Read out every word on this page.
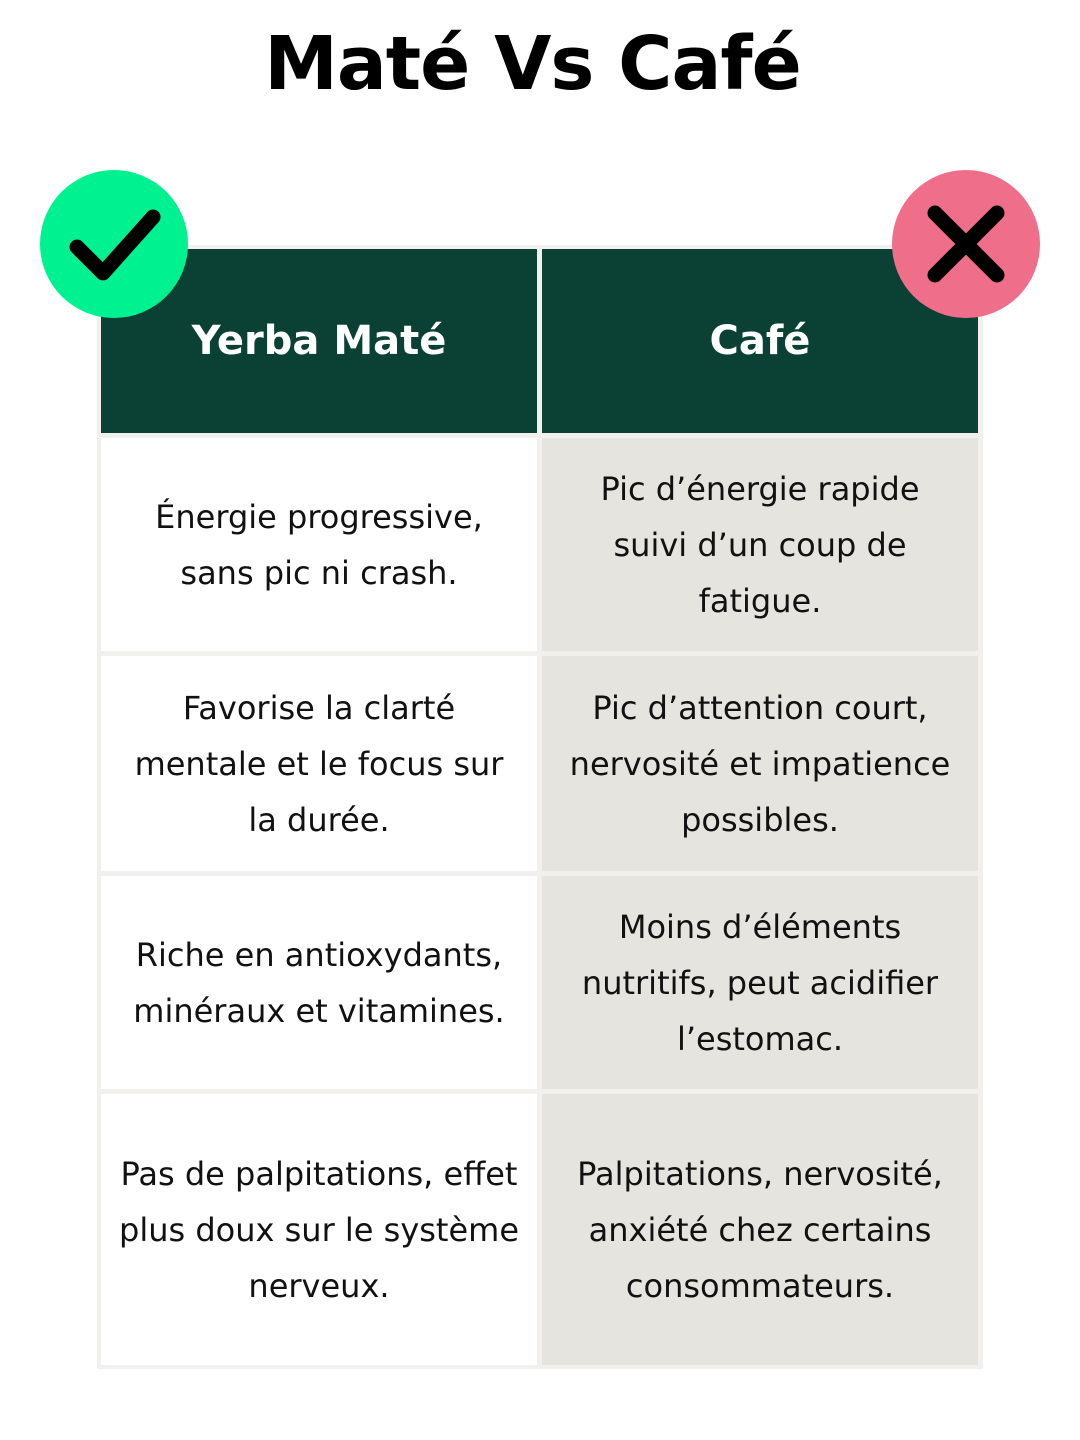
Maté Vs Café
Yerba Maté	Café
Énergie progressive, sans pic ni crash.
Pic d’énergie rapide suivi d’un coup de fatigue.
Favorise la clarté mentale et le focus sur la durée.
Pic d’attention court, nervosité et impatience possibles.
Riche en antioxydants, minéraux et vitamines.
Moins d’éléments nutritifs, peut acidifier l’estomac.
Pas de palpitations, effet plus doux sur le système nerveux.
Palpitations, nervosité, anxiété chez certains consommateurs.
